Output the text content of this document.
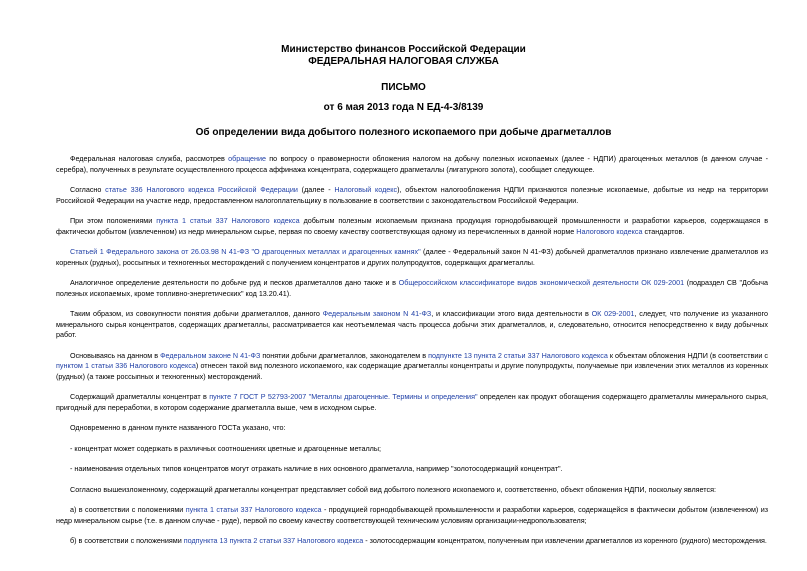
Министерство финансов Российской Федерации
ФЕДЕРАЛЬНАЯ НАЛОГОВАЯ СЛУЖБА
ПИСЬМО
от 6 мая 2013 года N ЕД-4-3/8139
Об определении вида добытого полезного ископаемого при добыче драгметаллов

Федеральная налоговая служба, рассмотрев обращение по вопросу о правомерности обложения налогом на добычу полезных ископаемых (далее - НДПИ) драгоценных металлов (в данном случае - серебра), полученных в результате осуществленного процесса аффинажа концентрата, содержащего драгметаллы (лигатурного золота), сообщает следующее.

Согласно статье 336 Налогового кодекса Российской Федерации (далее - Налоговый кодекс), объектом налогообложения НДПИ признаются полезные ископаемые, добытые из недр на территории Российской Федерации на участке недр, предоставленном налогоплательщику в пользование в соответствии с законодательством Российской Федерации.

При этом положениями пункта 1 статьи 337 Налогового кодекса добытым полезным ископаемым признана продукция горнодобывающей промышленности и разработки карьеров, содержащаяся в фактически добытом (извлеченном) из недр минеральном сырье, первая по своему качеству соответствующая одному из перечисленных в данной норме Налогового кодекса стандартов.

Статьей 1 Федерального закона от 26.03.98 N 41-ФЗ "О драгоценных металлах и драгоценных камнях" (далее - Федеральный закон N 41-ФЗ) добычей драгметаллов признано извлечение драгметаллов из коренных (рудных), россыпных и техногенных месторождений с получением концентратов и других полупродуктов, содержащих драгметаллы.

Аналогичное определение деятельности по добыче руд и песков драгметаллов дано также и в Общероссийском классификаторе видов экономической деятельности ОК 029-2001 (подраздел СВ "Добыча полезных ископаемых, кроме топливно-энергетических" код 13.20.41).

Таким образом, из совокупности понятия добычи драгметаллов, данного Федеральным законом N 41-ФЗ, и классификации этого вида деятельности в ОК 029-2001, следует, что получение из указанного минерального сырья концентратов, содержащих драгметаллы, рассматривается как неотъемлемая часть процесса добычи этих драгметаллов, и, следовательно, относится непосредственно к виду добычных работ.

Основываясь на данном в Федеральном законе N 41-ФЗ понятии добычи драгметаллов, законодателем в подпункте 13 пункта 2 статьи 337 Налогового кодекса к объектам обложения НДПИ (в соответствии с пунктом 1 статьи 336 Налогового кодекса) отнесен такой вид полезного ископаемого, как содержащие драгметаллы концентраты и другие полупродукты, получаемые при извлечении этих металлов из коренных (рудных) (а также россыпных и техногенных) месторождений.

Содержащий драгметаллы концентрат в пункте 7 ГОСТ Р 52793-2007 "Металлы драгоценные. Термины и определения" определен как продукт обогащения содержащего драгметаллы минерального сырья, пригодный для переработки, в котором содержание драгметалла выше, чем в исходном сырье.

Одновременно в данном пункте названного ГОСТа указано, что:

- концентрат может содержать в различных соотношениях цветные и драгоценные металлы;

- наименования отдельных типов концентратов могут отражать наличие в них основного драгметалла, например "золотосодержащий концентрат".

Согласно вышеизложенному, содержащий драгметаллы концентрат представляет собой вид добытого полезного ископаемого и, соответственно, объект обложения НДПИ, поскольку является:

а) в соответствии с положениями пункта 1 статьи 337 Налогового кодекса - продукцией горнодобывающей промышленности и разработки карьеров, содержащейся в фактически добытом (извлеченном) из недр минеральном сырье (т.е. в данном случае - руде), первой по своему качеству соответствующей техническим условиям организации-недропользователя;

б) в соответствии с положениями подпункта 13 пункта 2 статьи 337 Налогового кодекса - золотосодержащим концентратом, полученным при извлечении драгметаллов из коренного (рудного) месторождения.
